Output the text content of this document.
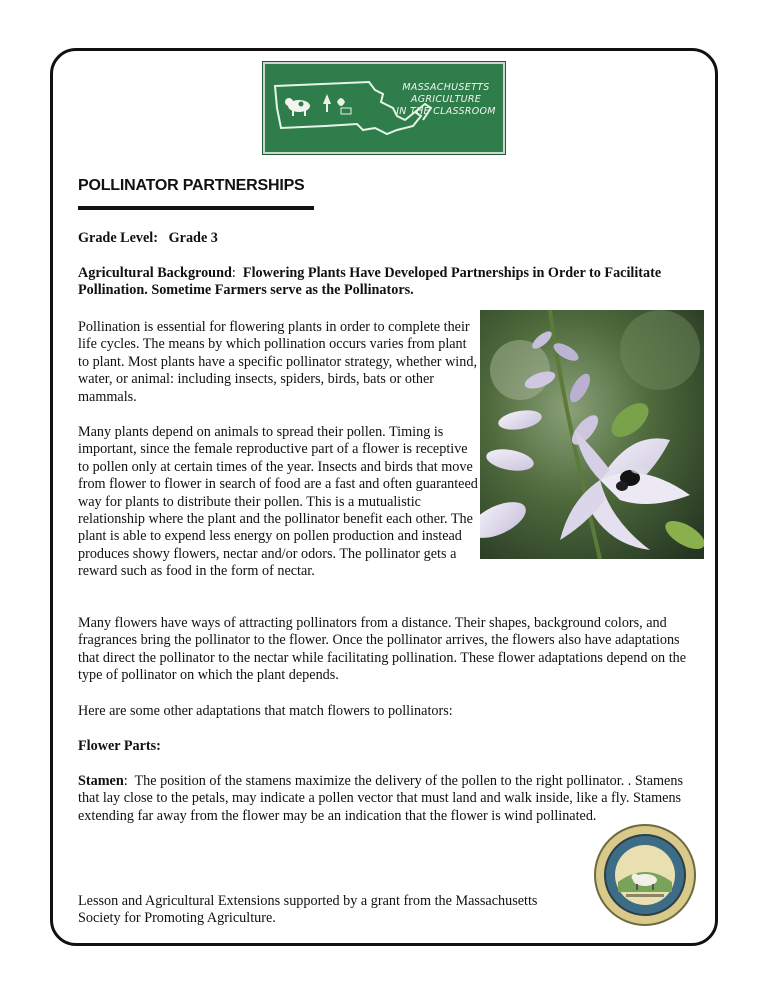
MASSACHUSETTS
AGRICULTURE
IN THE CLASSROOM
POLLINATOR PARTNERSHIPS

Grade Level: Grade 3

Agricultural Background:  Flowering Plants Have Developed Partnerships in Order to Facilitate Pollination. Sometime Farmers serve as the Pollinators.

Pollination is essential for flowering plants in order to complete their life cycles. The means by which pollination occurs varies from plant to plant. Most plants have a specific pollinator strategy, whether wind, water, or animal: including insects, spiders, birds, bats or other mammals.

Many plants depend on animals to spread their pollen. Timing is important, since the female reproductive part of a flower is receptive to pollen only at certain times of the year. Insects and birds that move from flower to flower in search of food are a fast and often guaranteed way for plants to distribute their pollen. This is a mutualistic relationship where the plant and the pollinator benefit each other. The plant is able to expend less energy on pollen production and instead produces showy flowers, nectar and/or odors. The pollinator gets a reward such as food in the form of nectar.

Many flowers have ways of attracting pollinators from a distance. Their shapes, background colors, and fragrances bring the pollinator to the flower. Once the pollinator arrives, the flowers also have adaptations that direct the pollinator to the nectar while facilitating pollination. These flower adaptations depend on the type of pollinator on which the plant depends.

Here are some other adaptations that match flowers to pollinators:

Flower Parts:

Stamen:  The position of the stamens maximize the delivery of the pollen to the right pollinator. . Stamens that lay close to the petals, may indicate a pollen vector that must land and walk inside, like a fly. Stamens extending far away from the flower may be an indication that the flower is wind pollinated.

Lesson and Agricultural Extensions supported by a grant from the Massachusetts Society for Promoting Agriculture.
